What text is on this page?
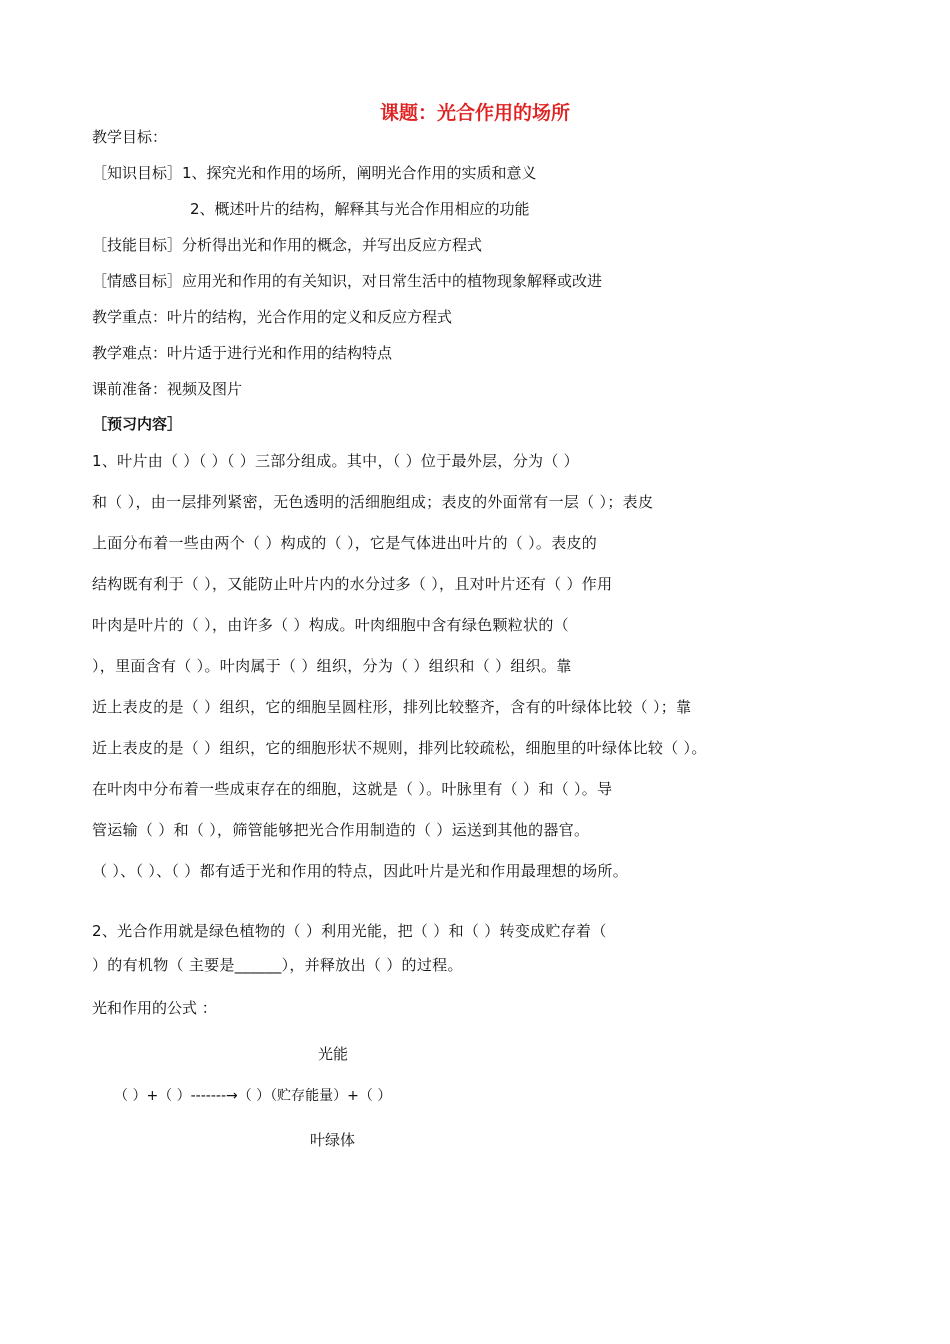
课题：光合作用的场所
教学目标：
［知识目标］1、探究光和作用的场所，阐明光合作用的实质和意义
2、概述叶片的结构，解释其与光合作用相应的功能
［技能目标］分析得出光和作用的概念，并写出反应方程式
［情感目标］应用光和作用的有关知识，对日常生活中的植物现象解释或改进
教学重点：叶片的结构，光合作用的定义和反应方程式
教学难点：叶片适于进行光和作用的结构特点
课前准备：视频及图片
［预习内容］
1、叶片由（ ）（ ）（ ）三部分组成。其中，（ ）位于最外层，分为（ ）
和（ ），由一层排列紧密，无色透明的活细胞组成；表皮的外面常有一层（ ）；表皮
上面分布着一些由两个（ ）构成的（ ），它是气体进出叶片的（ ）。表皮的
结构既有利于（ ），又能防止叶片内的水分过多（ ），且对叶片还有（ ）作用
叶肉是叶片的（ ），由许多（ ）构成。叶肉细胞中含有绿色颗粒状的（
），里面含有（ ）。叶肉属于（ ）组织，分为（ ）组织和（ ）组织。靠
近上表皮的是（ ）组织，它的细胞呈圆柱形，排列比较整齐，含有的叶绿体比较（ ）；靠
近上表皮的是（ ）组织，它的细胞形状不规则，排列比较疏松，细胞里的叶绿体比较（ ）。
在叶肉中分布着一些成束存在的细胞，这就是（ ）。叶脉里有（ ）和（ ）。导
管运输（ ）和（ ），筛管能够把光合作用制造的（ ）运送到其他的器官。
（ ）、（ ）、（ ）都有适于光和作用的特点，因此叶片是光和作用最理想的场所。
2、光合作用就是绿色植物的（ ）利用光能，把（ ）和（ ）转变成贮存着（
）的有机物（ 主要是______），并释放出（ ）的过程。
光和作用的公式 ：
光能
（ ）+（ ）-------→（ ）（贮存能量）+（ ）
叶绿体
